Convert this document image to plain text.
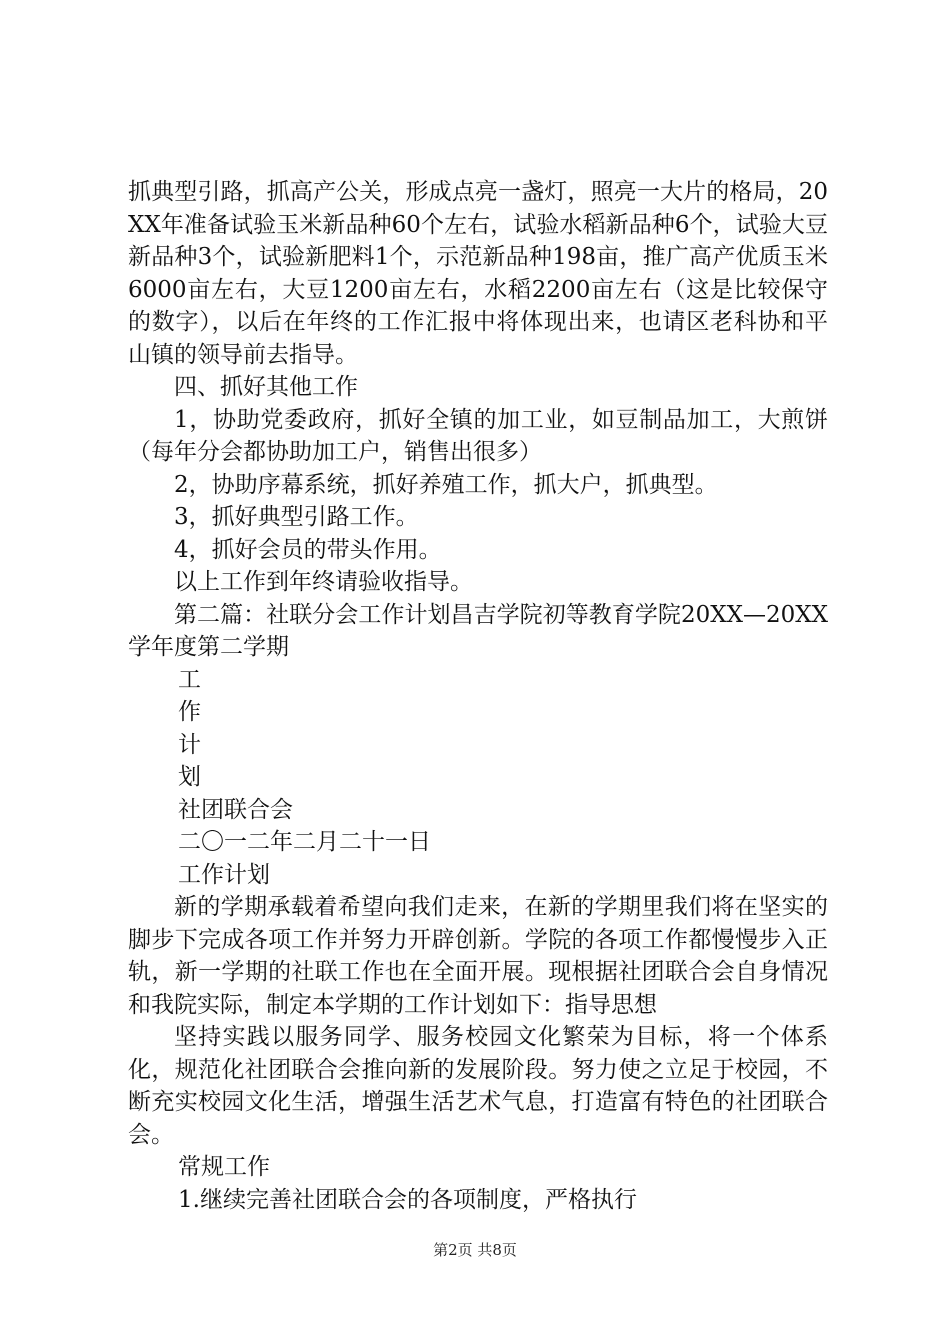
抓典型引路，抓高产公关，形成点亮一盏灯，照亮一大片的格局，20XX年准备试验玉米新品种60个左右，试验水稻新品种6个，试验大豆新品种3个，试验新肥料1个，示范新品种198亩，推广高产优质玉米6000亩左右，大豆1200亩左右，水稻2200亩左右（这是比较保守的数字），以后在年终的工作汇报中将体现出来，也请区老科协和平山镇的领导前去指导。

四、抓好其他工作

1，协助党委政府，抓好全镇的加工业，如豆制品加工，大煎饼（每年分会都协助加工户，销售出很多）

2，协助序幕系统，抓好养殖工作，抓大户，抓典型。

3，抓好典型引路工作。

4，抓好会员的带头作用。

以上工作到年终请验收指导。

第二篇：社联分会工作计划昌吉学院初等教育学院20XX—20XX学年度第二学期

工

作

计

划

社团联合会

二〇一二年二月二十一日

工作计划

新的学期承载着希望向我们走来，在新的学期里我们将在坚实的脚步下完成各项工作并努力开辟创新。学院的各项工作都慢慢步入正轨，新一学期的社联工作也在全面开展。现根据社团联合会自身情况和我院实际，制定本学期的工作计划如下：指导思想

坚持实践以服务同学、服务校园文化繁荣为目标，将一个体系化，规范化社团联合会推向新的发展阶段。努力使之立足于校园，不断充实校园文化生活，增强生活艺术气息，打造富有特色的社团联合会。

常规工作

1.继续完善社团联合会的各项制度，严格执行

第2页 共8页
